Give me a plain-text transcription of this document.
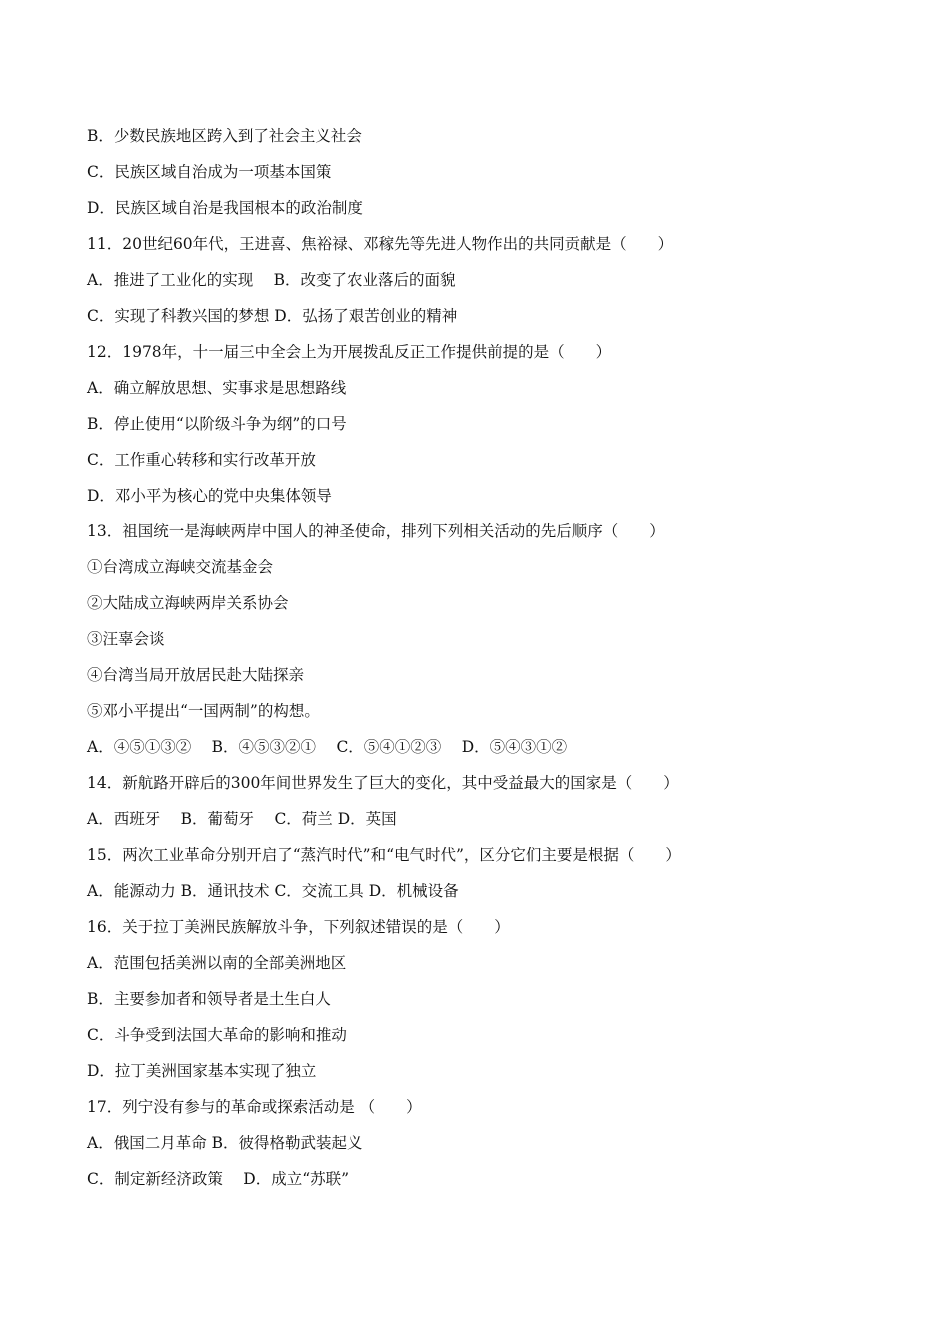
B．少数民族地区跨入到了社会主义社会
C．民族区域自治成为一项基本国策
D．民族区域自治是我国根本的政治制度
11．20世纪60年代，王进喜、焦裕禄、邓稼先等先进人物作出的共同贡献是（　　）
A．推进了工业化的实现　 B．改变了农业落后的面貌
C．实现了科教兴国的梦想 D．弘扬了艰苦创业的精神
12．1978年，十一届三中全会上为开展拨乱反正工作提供前提的是（　　）
A．确立解放思想、实事求是思想路线
B．停止使用“以阶级斗争为纲”的口号
C．工作重心转移和实行改革开放
D．邓小平为核心的党中央集体领导
13．祖国统一是海峡两岸中国人的神圣使命，排列下列相关活动的先后顺序（　　）
①台湾成立海峡交流基金会
②大陆成立海峡两岸关系协会
③汪辜会谈
④台湾当局开放居民赴大陆探亲
⑤邓小平提出“一国两制”的构想。
A．④⑤①③②　 B．④⑤③②①　 C．⑤④①②③　 D．⑤④③①②
14．新航路开辟后的300年间世界发生了巨大的变化，其中受益最大的国家是（　　）
A．西班牙　 B．葡萄牙　 C．荷兰 D．英国
15．两次工业革命分别开启了“蒸汽时代”和“电气时代”，区分它们主要是根据（　　）
A．能源动力 B．通讯技术 C．交流工具 D．机械设备
16．关于拉丁美洲民族解放斗争，下列叙述错误的是（　　）
A．范围包括美洲以南的全部美洲地区
B．主要参加者和领导者是土生白人
C．斗争受到法国大革命的影响和推动
D．拉丁美洲国家基本实现了独立
17．列宁没有参与的革命或探索活动是 （　　）
A．俄国二月革命 B．彼得格勒武装起义
C．制定新经济政策　 D．成立“苏联”
